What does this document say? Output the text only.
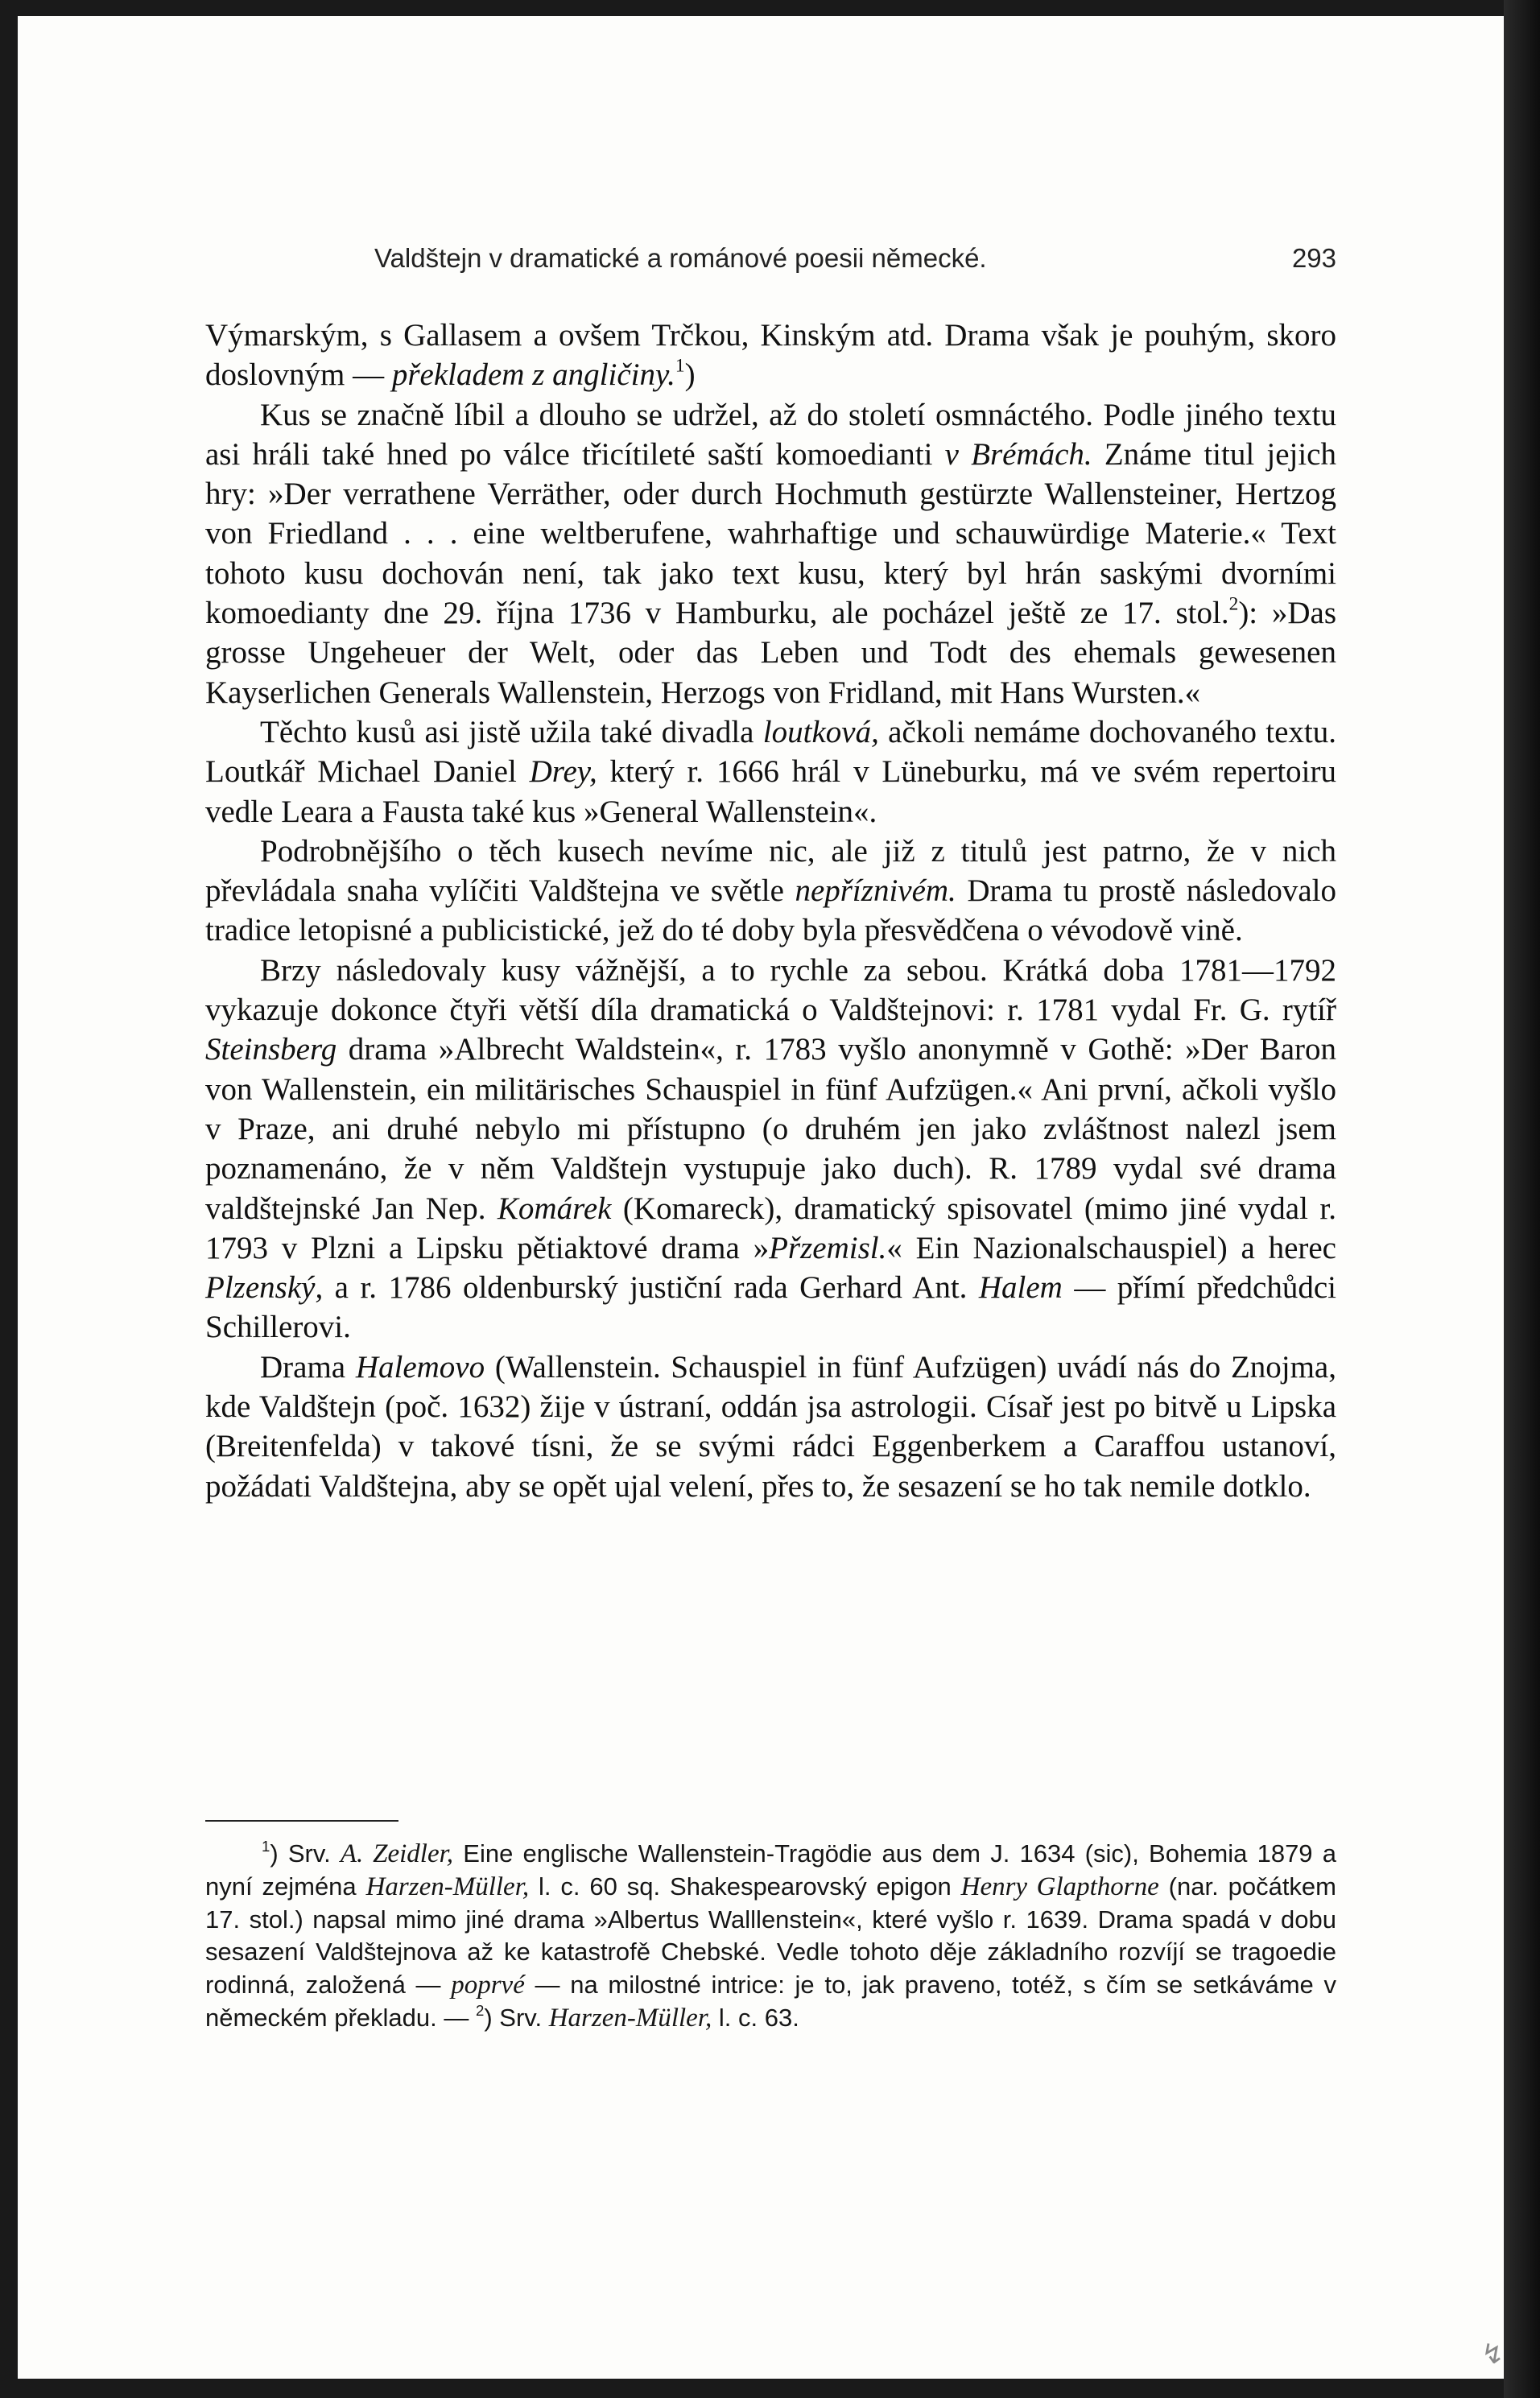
Valdštejn v dramatické a románové poesii německé.	293

Výmarským, s Gallasem a ovšem Trčkou, Kinským atd. Drama však je pouhým, skoro doslovným — překladem z angličiny.$^1$)

Kus se značně líbil a dlouho se udržel, až do století osmnáctého. Podle jiného textu asi hráli také hned po válce třicítileté saští komoedianti v Brémách. Známe titul jejich hry: »Der verrathene Verräther, oder durch Hochmuth gestürzte Wallensteiner, Hertzog von Friedland . . . eine weltberufene, wahrhaftige und schauwürdige Materie.« Text tohoto kusu dochován není, tak jako text kusu, který byl hrán saskými dvorními komoedianty dne 29. října 1736 v Hamburku, ale pocházel ještě ze 17. stol.$^2$): »Das grosse Ungeheuer der Welt, oder das Leben und Todt des ehemals gewesenen Kayserlichen Generals Wallenstein, Herzogs von Fridland, mit Hans Wursten.«

Těchto kusů asi jistě užila také divadla loutková, ačkoli nemáme dochovaného textu. Loutkář Michael Daniel Drey, který r. 1666 hrál v Lüneburku, má ve svém repertoiru vedle Leara a Fausta také kus »General Wallenstein«.

Podrobnějšího o těch kusech nevíme nic, ale již z titulů jest patrno, že v nich převládala snaha vylíčiti Valdštejna ve světle nepříznivém. Drama tu prostě následovalo tradice letopisné a publicistické, jež do té doby byla přesvědčena o vévodově vině.

Brzy následovaly kusy vážnější, a to rychle za sebou. Krátká doba 1781—1792 vykazuje dokonce čtyři větší díla dramatická o Valdštejnovi: r. 1781 vydal Fr. G. rytíř Steinsberg drama »Albrecht Waldstein«, r. 1783 vyšlo anonymně v Gothě: »Der Baron von Wallenstein, ein militärisches Schauspiel in fünf Aufzügen.« Ani první, ačkoli vyšlo v Praze, ani druhé nebylo mi přístupno (o druhém jen jako zvláštnost nalezl jsem poznamenáno, že v něm Valdštejn vystupuje jako duch). R. 1789 vydal své drama valdštejnské Jan Nep. Komárek (Komareck), dramatický spisovatel (mimo jiné vydal r. 1793 v Plzni a Lipsku pětiaktové drama »Přzemisl.« Ein Nazionalschauspiel) a herec Plzenský, a r. 1786 oldenburský justiční rada Gerhard Ant. Halem — přímí předchůdci Schillerovi.

Drama Halemovo (Wallenstein. Schauspiel in fünf Aufzügen) uvádí nás do Znojma, kde Valdštejn (poč. 1632) žije v ústraní, oddán jsa astrologii. Císař jest po bitvě u Lipska (Breitenfelda) v takové tísni, že se svými rádci Eggenberkem a Caraffou ustanoví, požádati Valdštejna, aby se opět ujal velení, přes to, že sesazení se ho tak nemile dotklo.

$^1$) Srv. A. Zeidler, Eine englische Wallenstein-Tragödie aus dem J. 1634 (sic), Bohemia 1879 a nyní zejména Harzen-Müller, l. c. 60 sq. Shakespearovský epigon Henry Glapthorne (nar. počátkem 17. stol.) napsal mimo jiné drama »Albertus Walllenstein«, které vyšlo r. 1639. Drama spadá v dobu sesazení Valdštejnova až ke katastrofě Chebské. Vedle tohoto děje základního rozvíjí se tragoedie rodinná, založená — poprvé — na milostné intrice: je to, jak praveno, totéž, s čím se setkáváme v německém překladu. — $^2$) Srv. Harzen-Müller, l. c. 63.

↯
